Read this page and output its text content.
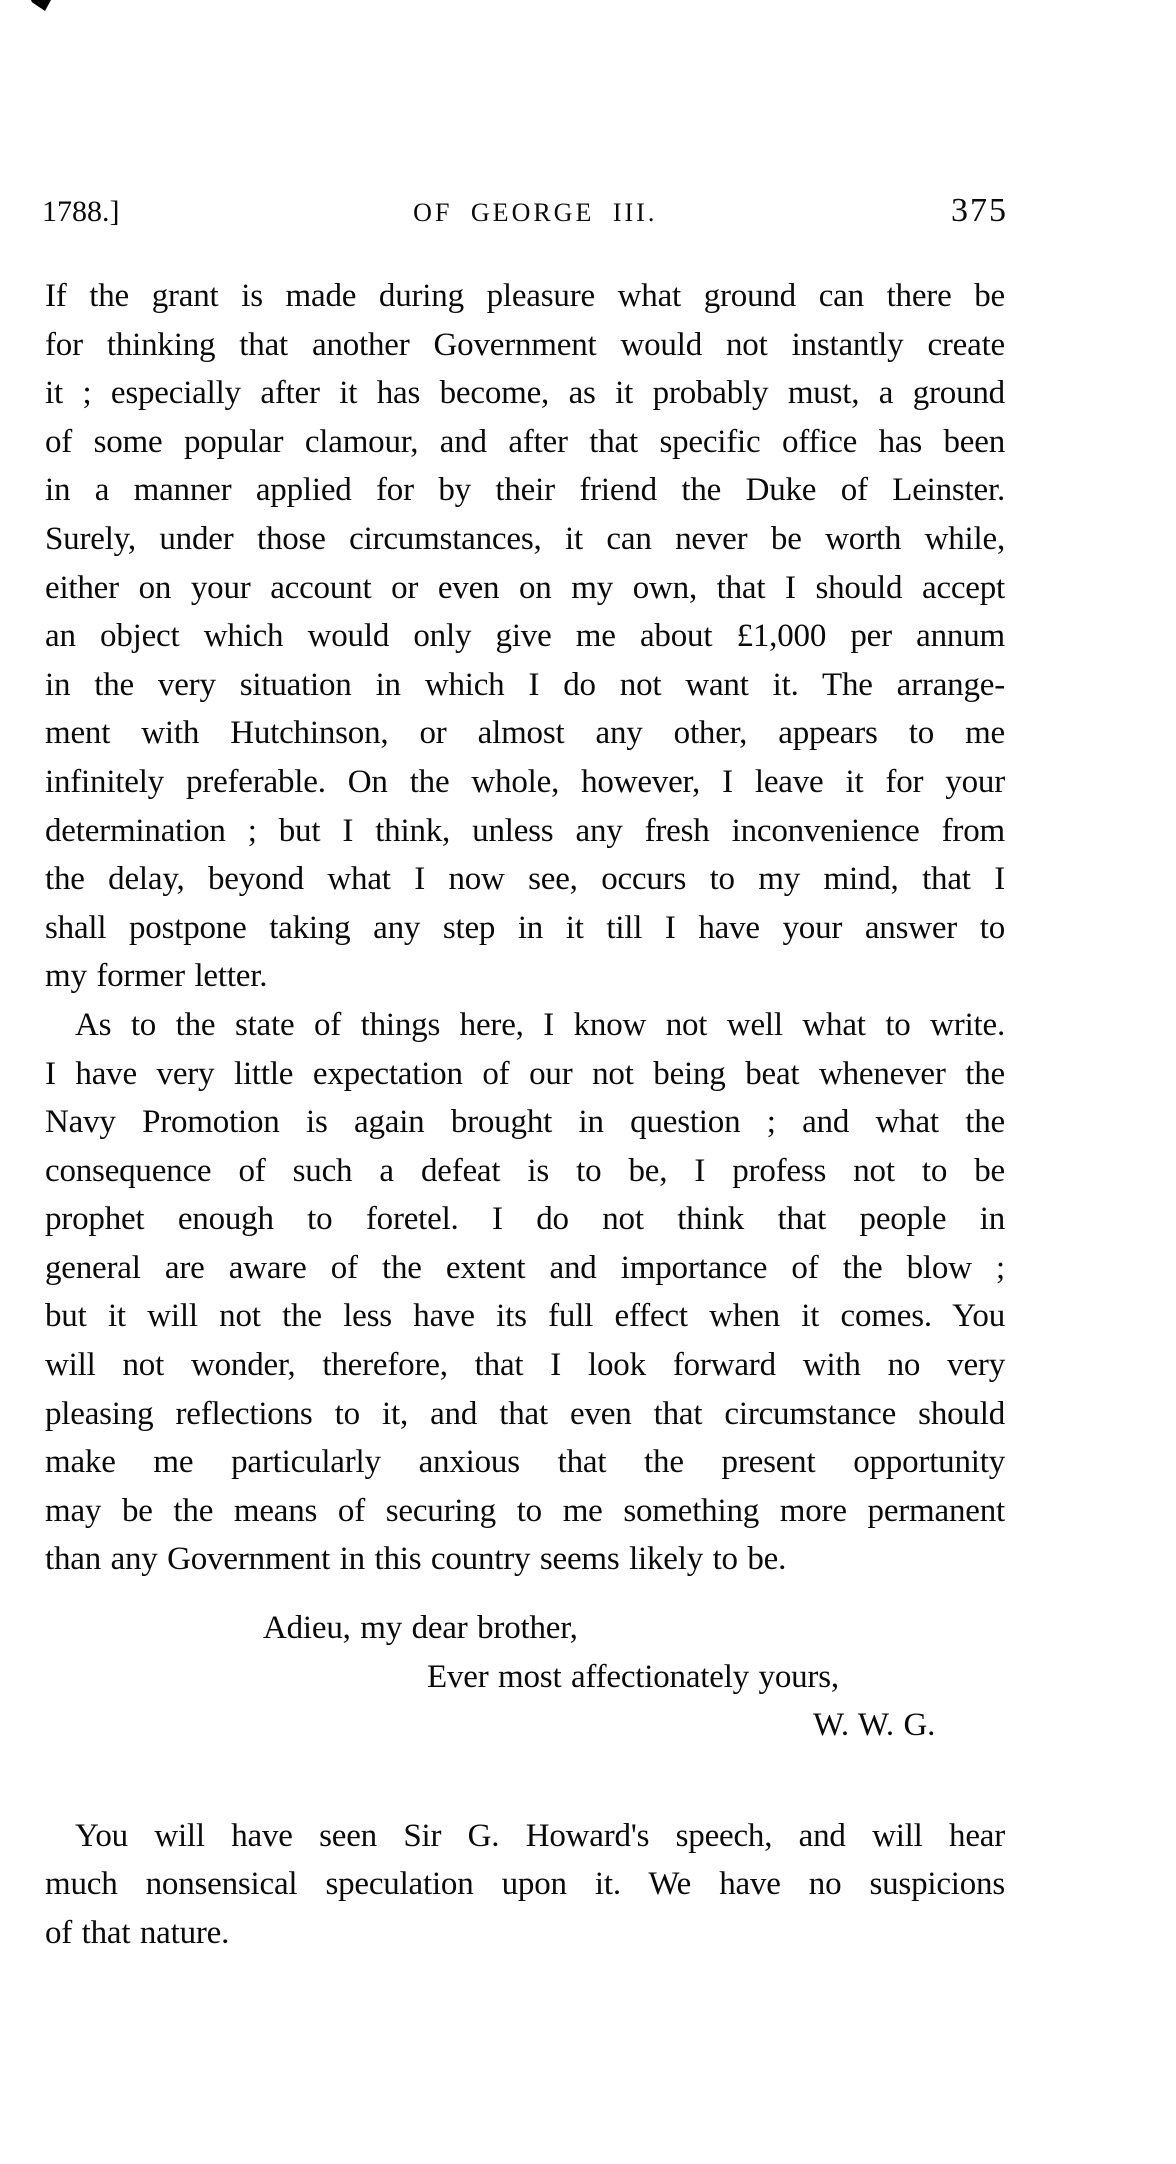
1788.]	OF GEORGE III.	375
If the grant is made during pleasure what ground can there be
for thinking that another Government would not instantly create
it ; especially after it has become, as it probably must, a ground
of some popular clamour, and after that specific office has been
in a manner applied for by their friend the Duke of Leinster.
Surely, under those circumstances, it can never be worth while,
either on your account or even on my own, that I should accept
an object which would only give me about £1,000 per annum
in the very situation in which I do not want it. The arrange-
ment with Hutchinson, or almost any other, appears to me
infinitely preferable. On the whole, however, I leave it for your
determination ; but I think, unless any fresh inconvenience from
the delay, beyond what I now see, occurs to my mind, that I
shall postpone taking any step in it till I have your answer to
my former letter.
As to the state of things here, I know not well what to write.
I have very little expectation of our not being beat whenever the
Navy Promotion is again brought in question ; and what the
consequence of such a defeat is to be, I profess not to be
prophet enough to foretel. I do not think that people in
general are aware of the extent and importance of the blow ;
but it will not the less have its full effect when it comes. You
will not wonder, therefore, that I look forward with no very
pleasing reflections to it, and that even that circumstance should
make me particularly anxious that the present opportunity
may be the means of securing to me something more permanent
than any Government in this country seems likely to be.
Adieu, my dear brother,
Ever most affectionately yours,
W. W. G.
You will have seen Sir G. Howard's speech, and will hear
much nonsensical speculation upon it. We have no suspicions
of that nature.
